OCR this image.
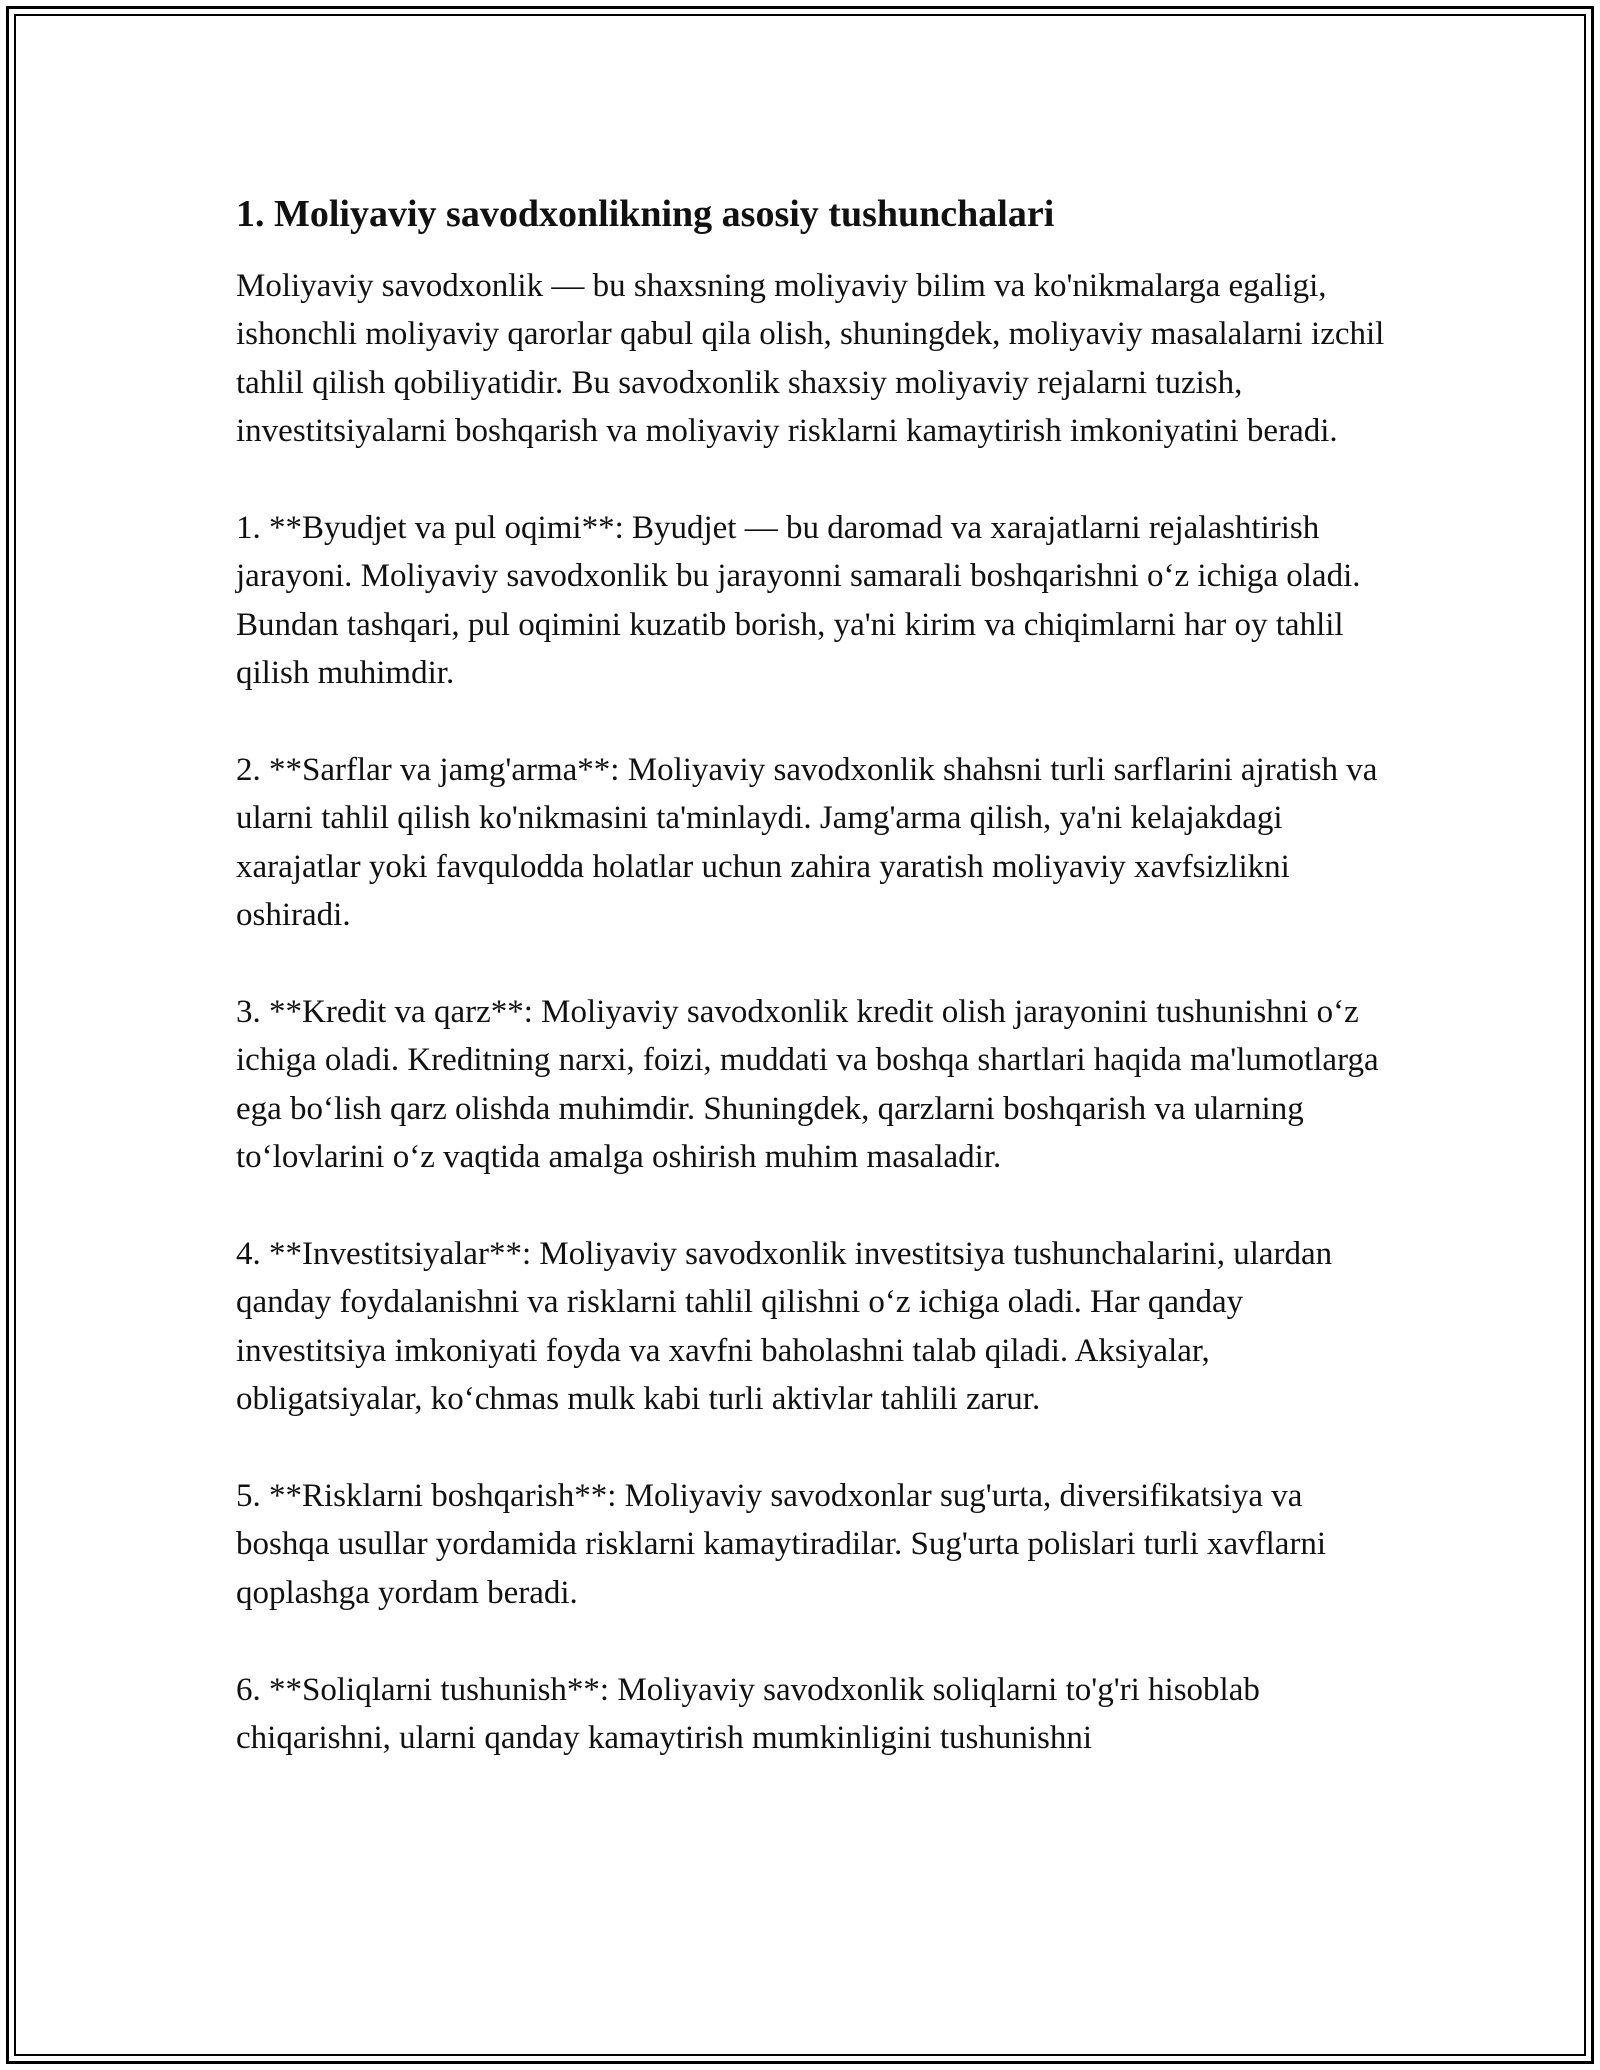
1. Moliyaviy savodxonlikning asosiy tushunchalari

Moliyaviy savodxonlik — bu shaxsning moliyaviy bilim va ko'nikmalarga egaligi, ishonchli moliyaviy qarorlar qabul qila olish, shuningdek, moliyaviy masalalarni izchil tahlil qilish qobiliyatidir. Bu savodxonlik shaxsiy moliyaviy rejalarni tuzish, investitsiyalarni boshqarish va moliyaviy risklarni kamaytirish imkoniyatini beradi.

1. **Byudjet va pul oqimi**: Byudjet — bu daromad va xarajatlarni rejalashtirish jarayoni. Moliyaviy savodxonlik bu jarayonni samarali boshqarishni oʻz ichiga oladi. Bundan tashqari, pul oqimini kuzatib borish, ya'ni kirim va chiqimlarni har oy tahlil qilish muhimdir.

2. **Sarflar va jamg'arma**: Moliyaviy savodxonlik shahsni turli sarflarini ajratish va ularni tahlil qilish ko'nikmasini ta'minlaydi. Jamg'arma qilish, ya'ni kelajakdagi xarajatlar yoki favqulodda holatlar uchun zahira yaratish moliyaviy xavfsizlikni oshiradi.

3. **Kredit va qarz**: Moliyaviy savodxonlik kredit olish jarayonini tushunishni oʻz ichiga oladi. Kreditning narxi, foizi, muddati va boshqa shartlari haqida ma'lumotlarga ega boʻlish qarz olishda muhimdir. Shuningdek, qarzlarni boshqarish va ularning toʻlovlarini oʻz vaqtida amalga oshirish muhim masaladir.

4. **Investitsiyalar**: Moliyaviy savodxonlik investitsiya tushunchalarini, ulardan qanday foydalanishni va risklarni tahlil qilishni oʻz ichiga oladi. Har qanday investitsiya imkoniyati foyda va xavfni baholashni talab qiladi. Aksiyalar, obligatsiyalar, koʻchmas mulk kabi turli aktivlar tahlili zarur.

5. **Risklarni boshqarish**: Moliyaviy savodxonlar sug'urta, diversifikatsiya va boshqa usullar yordamida risklarni kamaytiradilar. Sug'urta polislari turli xavflarni qoplashga yordam beradi.

6. **Soliqlarni tushunish**: Moliyaviy savodxonlik soliqlarni to'g'ri hisoblab chiqarishni, ularni qanday kamaytirish mumkinligini tushunishni
